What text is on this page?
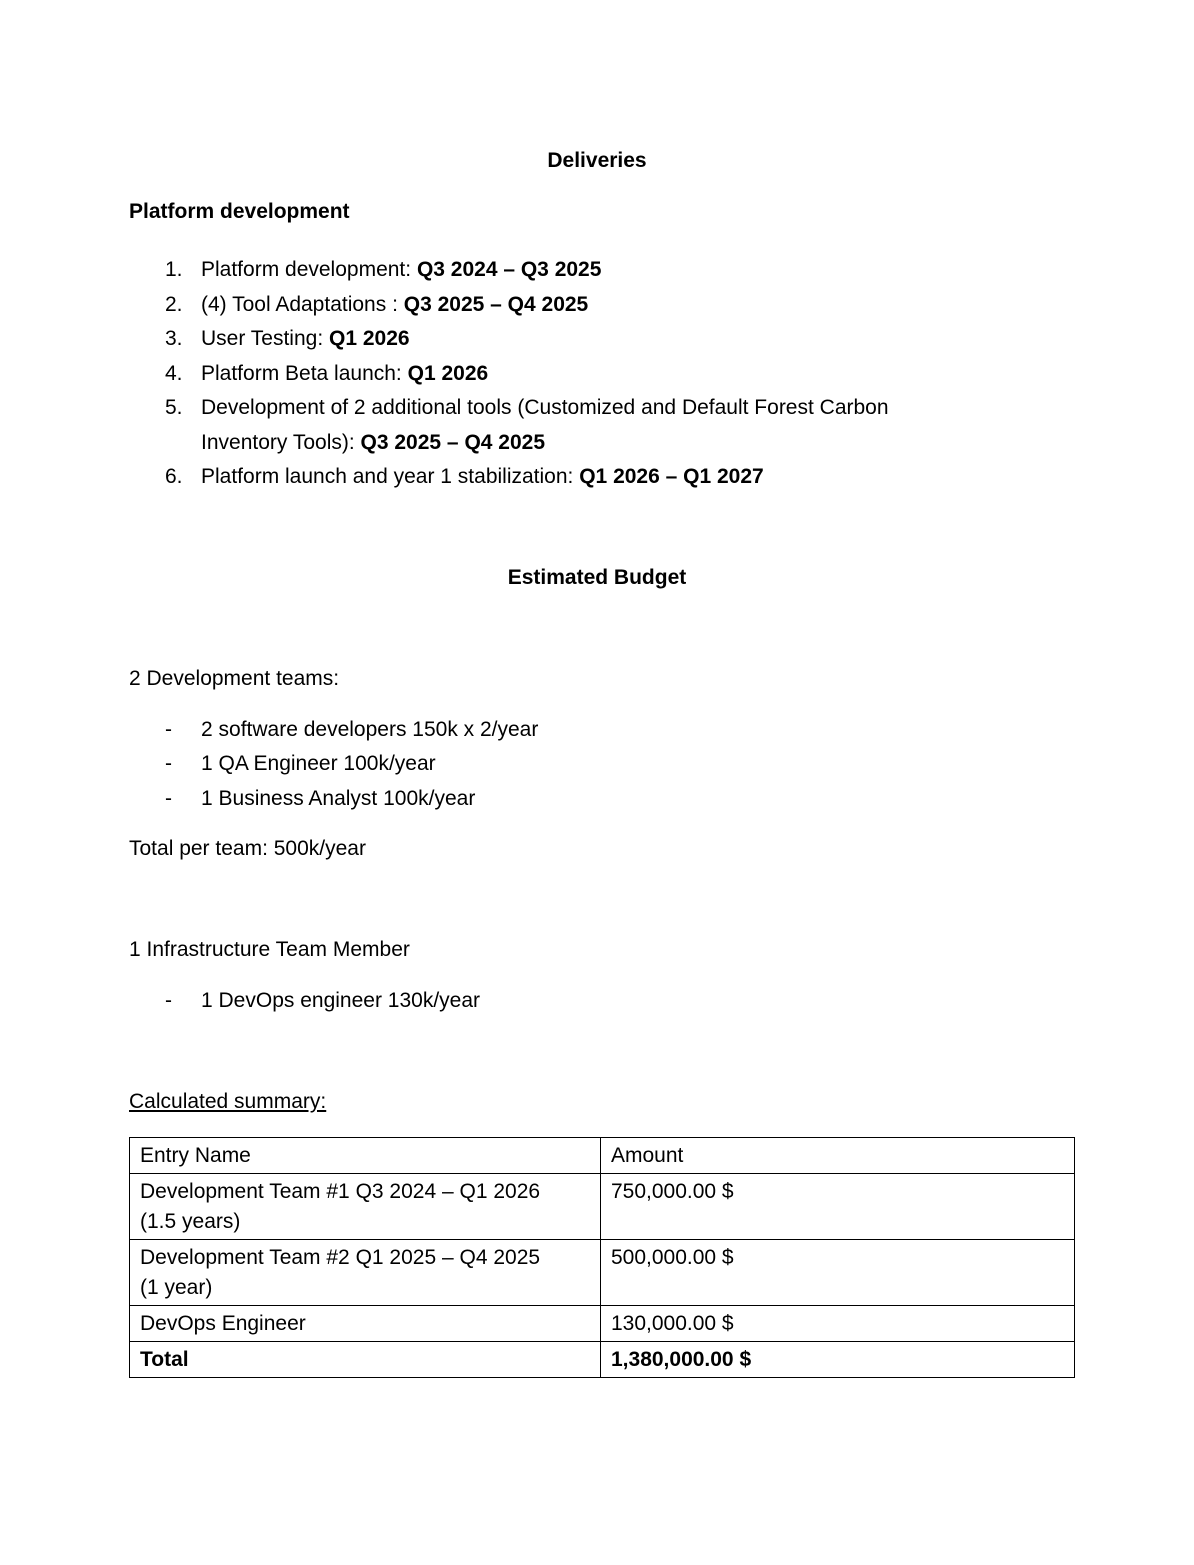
Deliverіes
Platform development
1. Platform development: Q3 2024 – Q3 2025
2. (4) Tool Adaptations : Q3 2025 – Q4 2025
3. User Testing: Q1 2026
4. Platform Beta launch: Q1 2026
5. Development of 2 additional tools (Customized and Default Forest Carbon
Inventory Tools): Q3 2025 – Q4 2025
6. Platform launch and year 1 stabilization: Q1 2026 – Q1 2027
Estimated Budget
2 Development teams:
- 2 software developers 150k x 2/year
- 1 QA Engineer 100k/year
- 1 Business Analyst 100k/year
Total per team: 500k/year
1 Infrastructure Team Member
- 1 DevOps engineer 130k/year
Calculated summary:
Entry Name	Amount
Development Team #1 Q3 2024 – Q1 2026
(1.5 years)	750,000.00 $
Development Team #2 Q1 2025 – Q4 2025
(1 year)	500,000.00 $
DevOps Engineer	130,000.00 $
Total	1,380,000.00 $
